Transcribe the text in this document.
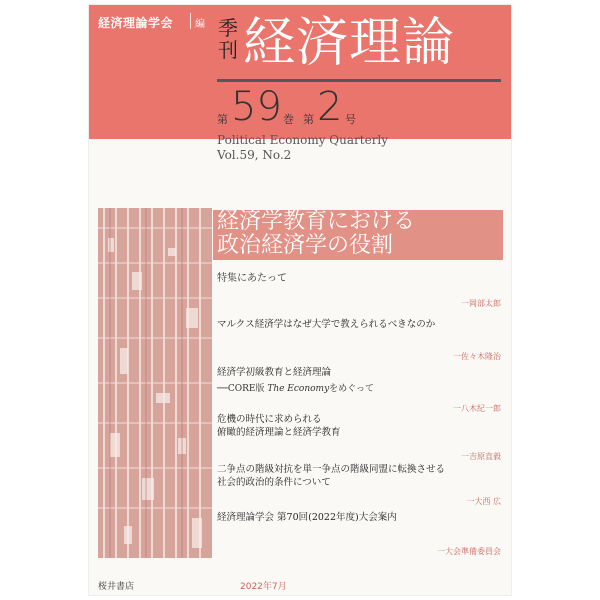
経済理論学会 編 季刊 経済理論
第 59 巻 第 2 号
Political Economy Quarterly
Vol.59, No.2
経済学教育における
政治経済学の役割
特集にあたって
一岡部太郎
マルクス経済学はなぜ大学で教えられるべきなのか
一佐々木隆治
経済学初級教育と経済理論
──CORE版 The Economyをめぐって
一八木紀一郎
危機の時代に求められる
俯瞰的経済理論と経済学教育
一吉原直毅
二争点の階級対抗を単一争点の階級同盟に転換させる
社会的政治的条件について
一大西 広
経済理論学会 第70回(2022年度)大会案内
一大会準備委員会
桜井書店	2022年7月
